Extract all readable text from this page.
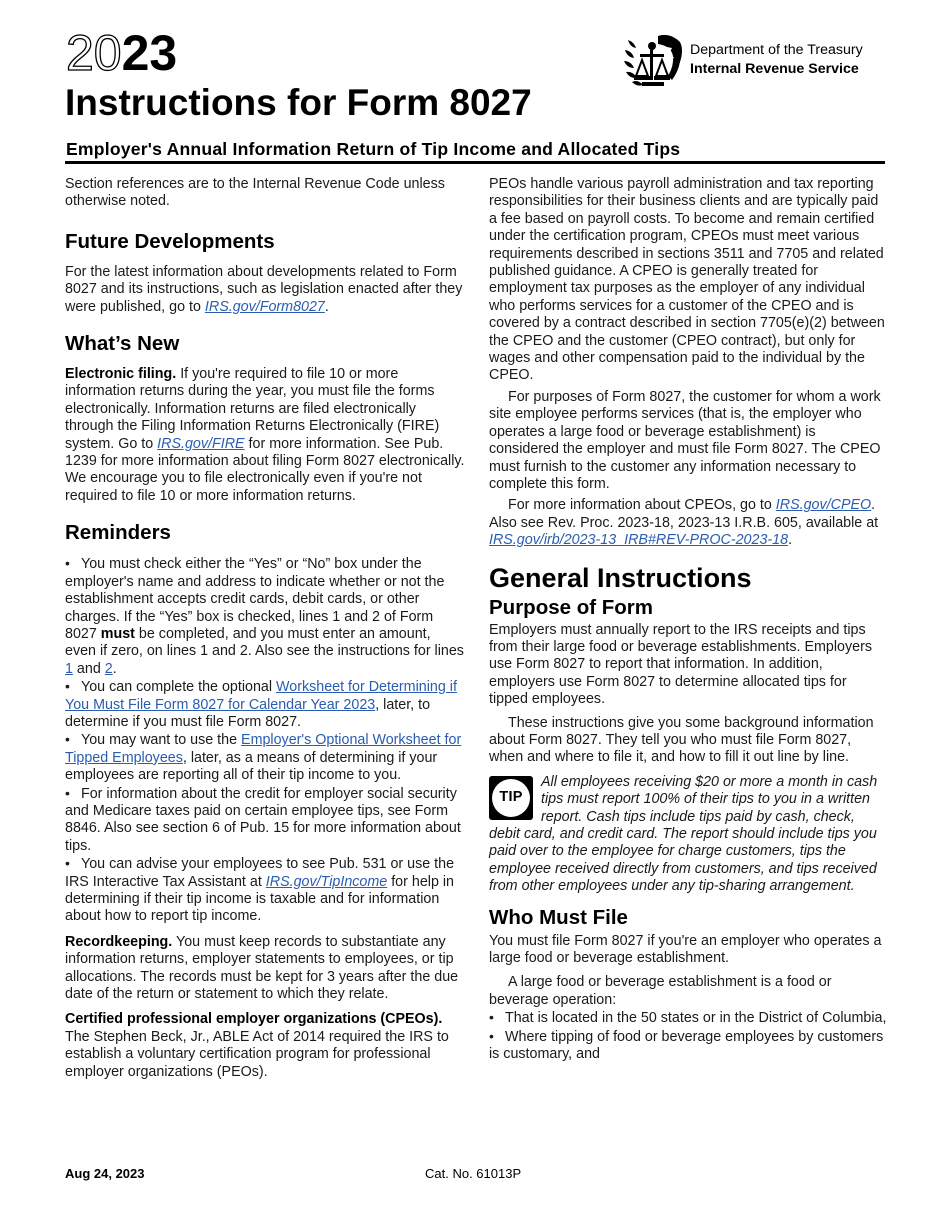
2023
Instructions for Form 8027
Employer's Annual Information Return of Tip Income and Allocated Tips
Department of the Treasury
Internal Revenue Service

Section references are to the Internal Revenue Code unless otherwise noted.

Future Developments

For the latest information about developments related to Form 8027 and its instructions, such as legislation enacted after they were published, go to IRS.gov/Form8027.

What’s New

Electronic filing. If you're required to file 10 or more information returns during the year, you must file the forms electronically. Information returns are filed electronically through the Filing Information Returns Electronically (FIRE) system. Go to IRS.gov/FIRE for more information. See Pub. 1239 for more information about filing Form 8027 electronically. We encourage you to file electronically even if you're not required to file 10 or more information returns.

Reminders

• You must check either the “Yes” or “No” box under the employer's name and address to indicate whether or not the establishment accepts credit cards, debit cards, or other charges. If the “Yes” box is checked, lines 1 and 2 of Form 8027 must be completed, and you must enter an amount, even if zero, on lines 1 and 2. Also see the instructions for lines 1 and 2.

• You can complete the optional Worksheet for Determining if You Must File Form 8027 for Calendar Year 2023, later, to determine if you must file Form 8027.

• You may want to use the Employer's Optional Worksheet for Tipped Employees, later, as a means of determining if your employees are reporting all of their tip income to you.

• For information about the credit for employer social security and Medicare taxes paid on certain employee tips, see Form 8846. Also see section 6 of Pub. 15 for more information about tips.

• You can advise your employees to see Pub. 531 or use the IRS Interactive Tax Assistant at IRS.gov/TipIncome for help in determining if their tip income is taxable and for information about how to report tip income.

Recordkeeping. You must keep records to substantiate any information returns, employer statements to employees, or tip allocations. The records must be kept for 3 years after the due date of the return or statement to which they relate.

Certified professional employer organizations (CPEOs). The Stephen Beck, Jr., ABLE Act of 2014 required the IRS to establish a voluntary certification program for professional employer organizations (PEOs).

PEOs handle various payroll administration and tax reporting responsibilities for their business clients and are typically paid a fee based on payroll costs. To become and remain certified under the certification program, CPEOs must meet various requirements described in sections 3511 and 7705 and related published guidance. A CPEO is generally treated for employment tax purposes as the employer of any individual who performs services for a customer of the CPEO and is covered by a contract described in section 7705(e)(2) between the CPEO and the customer (CPEO contract), but only for wages and other compensation paid to the individual by the CPEO.

For purposes of Form 8027, the customer for whom a work site employee performs services (that is, the employer who operates a large food or beverage establishment) is considered the employer and must file Form 8027. The CPEO must furnish to the customer any information necessary to complete this form.

For more information about CPEOs, go to IRS.gov/CPEO. Also see Rev. Proc. 2023-18, 2023-13 I.R.B. 605, available at IRS.gov/irb/2023-13_IRB#REV-PROC-2023-18.

General Instructions
Purpose of Form

Employers must annually report to the IRS receipts and tips from their large food or beverage establishments. Employers use Form 8027 to report that information. In addition, employers use Form 8027 to determine allocated tips for tipped employees.

These instructions give you some background information about Form 8027. They tell you who must file Form 8027, when and where to file it, and how to fill it out line by line.

TIP
All employees receiving $20 or more a month in cash tips must report 100% of their tips to you in a written report. Cash tips include tips paid by cash, check, debit card, and credit card. The report should include tips you paid over to the employee for charge customers, tips the employee received directly from customers, and tips received from other employees under any tip-sharing arrangement.
Who Must File

You must file Form 8027 if you're an employer who operates a large food or beverage establishment.

A large food or beverage establishment is a food or beverage operation:

• That is located in the 50 states or in the District of Columbia,

• Where tipping of food or beverage employees by customers is customary, and

Aug 24, 2023	Cat. No. 61013P
